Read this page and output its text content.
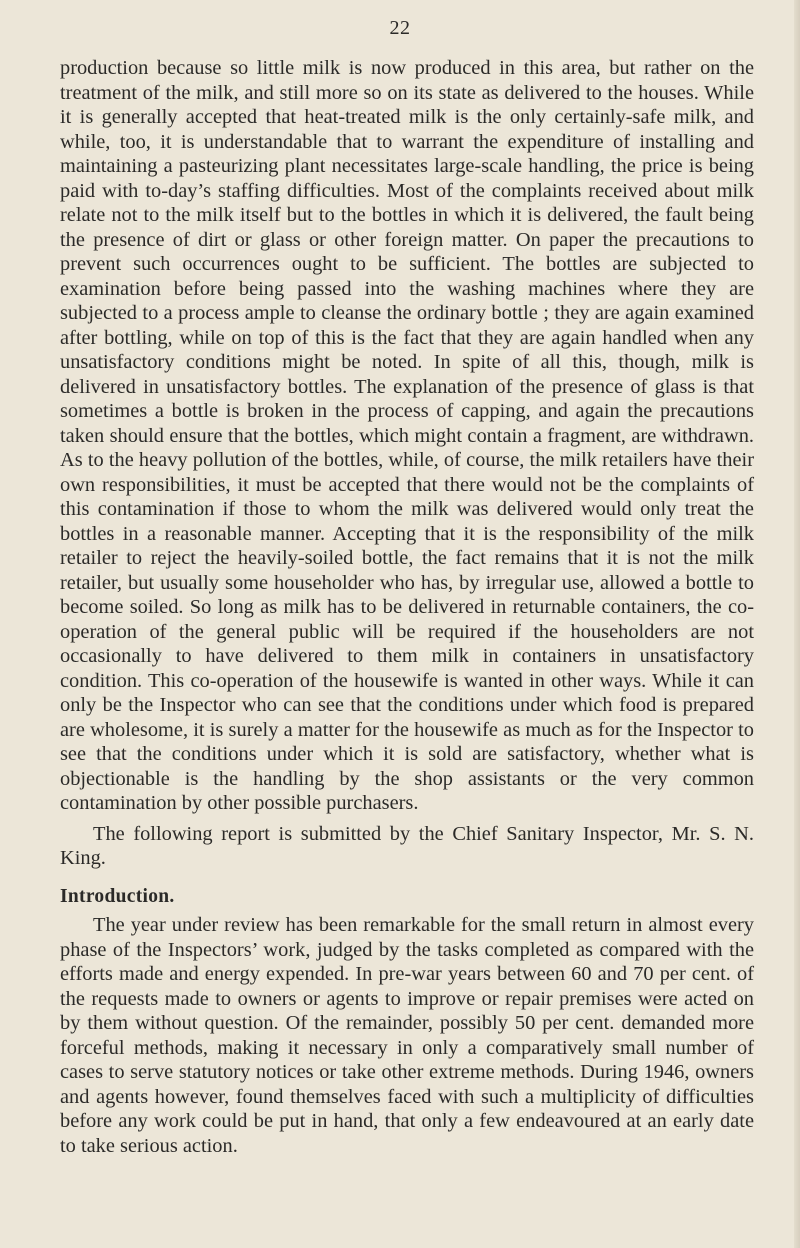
22

production because so little milk is now produced in this area, but rather on the treatment of the milk, and still more so on its state as delivered to the houses. While it is generally accepted that heat-treated milk is the only certainly-safe milk, and while, too, it is understandable that to warrant the expenditure of installing and maintaining a pasteurizing plant necessitates large-scale handling, the price is being paid with to-day’s staffing difficulties. Most of the complaints received about milk relate not to the milk itself but to the bottles in which it is delivered, the fault being the presence of dirt or glass or other foreign matter. On paper the precautions to prevent such occurrences ought to be sufficient. The bottles are subjected to examination before being passed into the washing machines where they are subjected to a process ample to cleanse the ordinary bottle ; they are again examined after bottling, while on top of this is the fact that they are again handled when any unsatisfactory conditions might be noted. In spite of all this, though, milk is delivered in unsatisfactory bottles. The explanation of the presence of glass is that sometimes a bottle is broken in the process of capping, and again the precautions taken should ensure that the bottles, which might contain a fragment, are withdrawn. As to the heavy pollution of the bottles, while, of course, the milk retailers have their own responsibilities, it must be accepted that there would not be the complaints of this contamination if those to whom the milk was delivered would only treat the bottles in a reasonable manner. Accepting that it is the responsibility of the milk retailer to reject the heavily-soiled bottle, the fact remains that it is not the milk retailer, but usually some householder who has, by irregular use, allowed a bottle to become soiled. So long as milk has to be delivered in returnable containers, the co-operation of the general public will be required if the householders are not occasionally to have delivered to them milk in containers in unsatisfactory condition. This co-operation of the housewife is wanted in other ways. While it can only be the Inspector who can see that the conditions under which food is prepared are wholesome, it is surely a matter for the housewife as much as for the Inspector to see that the conditions under which it is sold are satisfactory, whether what is objectionable is the handling by the shop assistants or the very common contamination by other possible purchasers.

The following report is submitted by the Chief Sanitary Inspector, Mr. S. N. King.

Introduction.

The year under review has been remarkable for the small return in almost every phase of the Inspectors’ work, judged by the tasks completed as compared with the efforts made and energy expended. In pre-war years between 60 and 70 per cent. of the requests made to owners or agents to improve or repair premises were acted on by them without question. Of the remainder, possibly 50 per cent. demanded more forceful methods, making it necessary in only a comparatively small number of cases to serve statutory notices or take other extreme methods. During 1946, owners and agents however, found themselves faced with such a multiplicity of difficulties before any work could be put in hand, that only a few endeavoured at an early date to take serious action.
